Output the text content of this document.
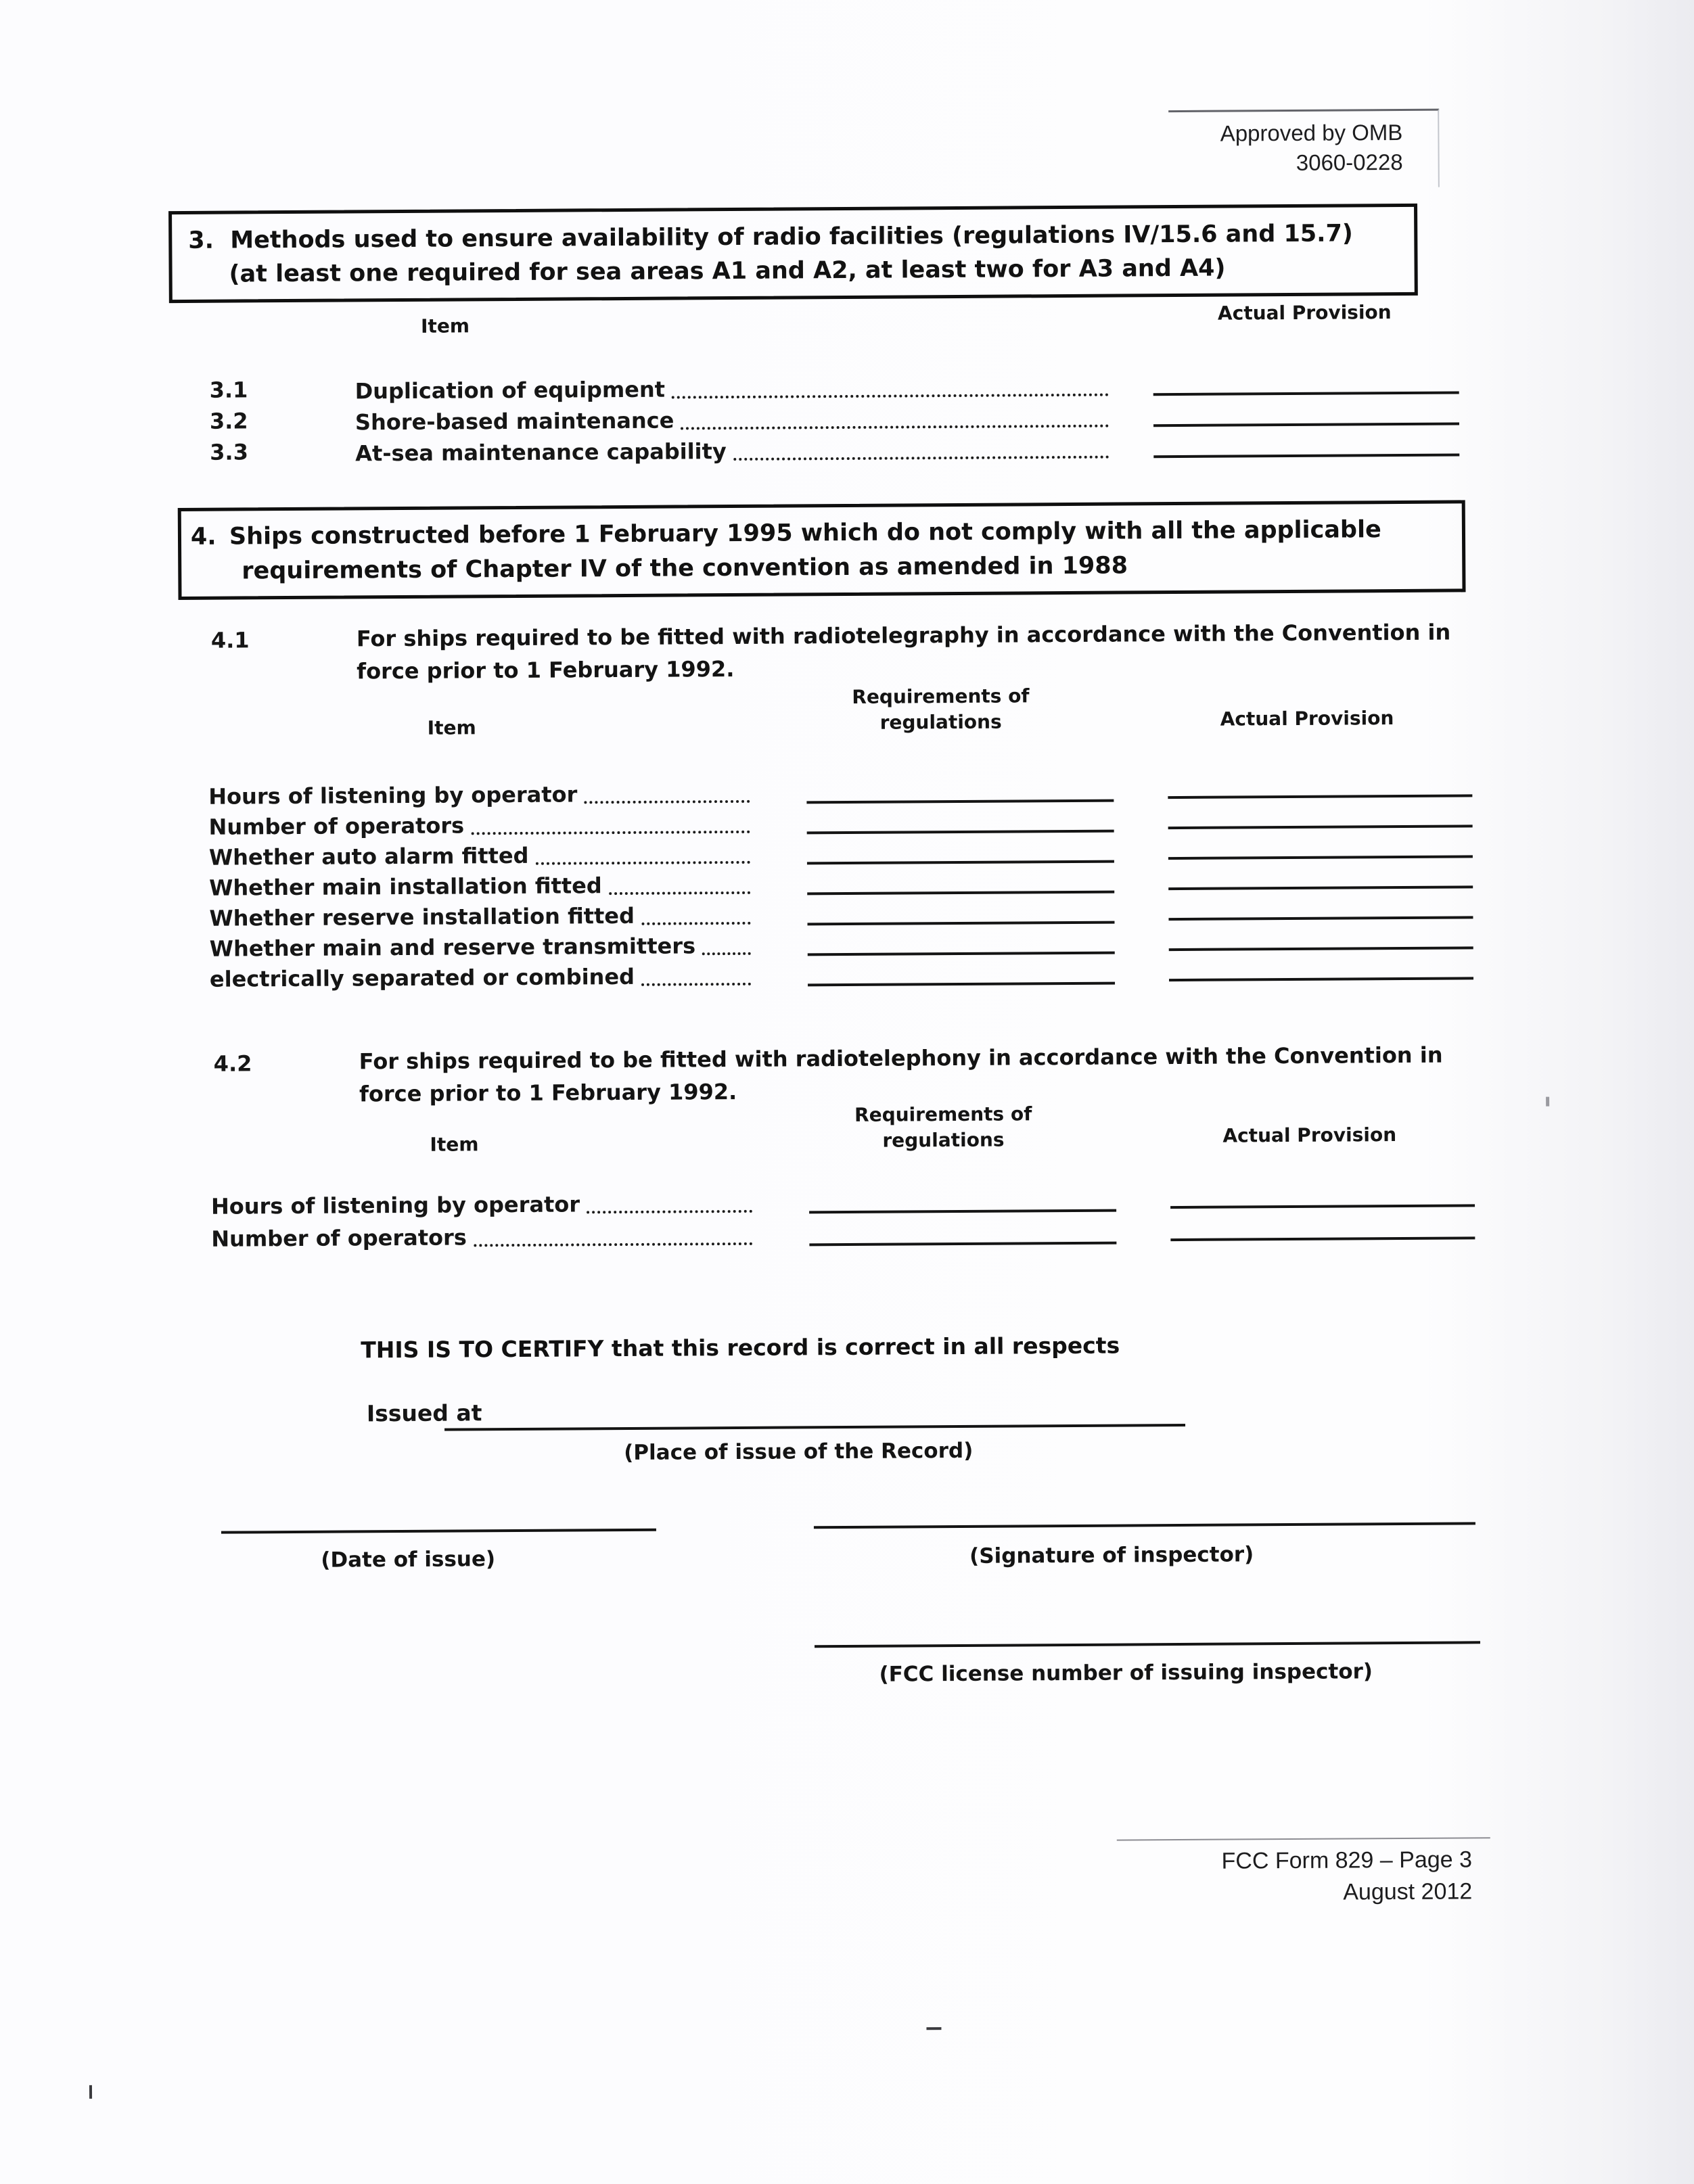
Approved by OMB
3060-0228
3. Methods used to ensure availability of radio facilities (regulations IV/15.6 and 15.7)
(at least one required for sea areas A1 and A2, at least two for A3 and A4)
Item
Actual Provision
3.1	Duplication of equipment
3.2	Shore-based maintenance
3.3	At-sea maintenance capability
4. Ships constructed before 1 February 1995 which do not comply with all the applicable
requirements of Chapter IV of the convention as amended in 1988
4.1	For ships required to be fitted with radiotelegraphy in accordance with the Convention in
force prior to 1 February 1992.
Requirements of
regulations
Item	Actual Provision
Hours of listening by operator
Number of operators
Whether auto alarm fitted
Whether main installation fitted
Whether reserve installation fitted
Whether main and reserve transmitters
electrically separated or combined
4.2	For ships required to be fitted with radiotelephony in accordance with the Convention in
force prior to 1 February 1992.
Requirements of
regulations
Item	Actual Provision
Hours of listening by operator
Number of operators
THIS IS TO CERTIFY that this record is correct in all respects
Issued at
(Place of issue of the Record)
(Date of issue)	(Signature of inspector)
(FCC license number of issuing inspector)
FCC Form 829 – Page 3
August 2012
